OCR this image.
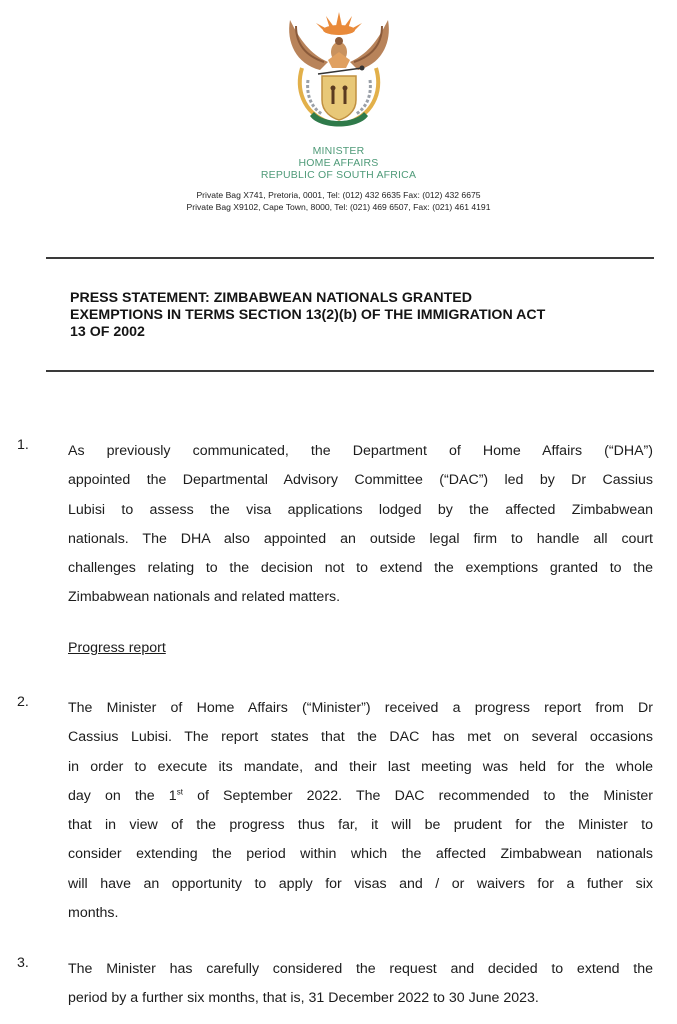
MINISTER
HOME AFFAIRS
REPUBLIC OF SOUTH AFRICA
Private Bag X741, Pretoria, 0001, Tel: (012) 432 6635 Fax: (012) 432 6675
Private Bag X9102, Cape Town, 8000, Tel: (021) 469 6507, Fax: (021) 461 4191
PRESS STATEMENT: ZIMBABWEAN NATIONALS GRANTED
EXEMPTIONS IN TERMS SECTION 13(2)(b) OF THE IMMIGRATION ACT
13 OF 2002
1.	As previously communicated, the Department of Home Affairs (“DHA”)
appointed the Departmental Advisory Committee (“DAC”) led by Dr Cassius
Lubisi to assess the visa applications lodged by the affected Zimbabwean
nationals. The DHA also appointed an outside legal firm to handle all court
challenges relating to the decision not to extend the exemptions granted to the
Zimbabwean nationals and related matters.
Progress report
2.	The Minister of Home Affairs (“Minister”) received a progress report from Dr
Cassius Lubisi. The report states that the DAC has met on several occasions
in order to execute its mandate, and their last meeting was held for the whole
day on the 1st of September 2022. The DAC recommended to the Minister
that in view of the progress thus far, it will be prudent for the Minister to
consider extending the period within which the affected Zimbabwean nationals
will have an opportunity to apply for visas and / or waivers for a futher six
months.
3.	The Minister has carefully considered the request and decided to extend the
period by a further six months, that is, 31 December 2022 to 30 June 2023.
